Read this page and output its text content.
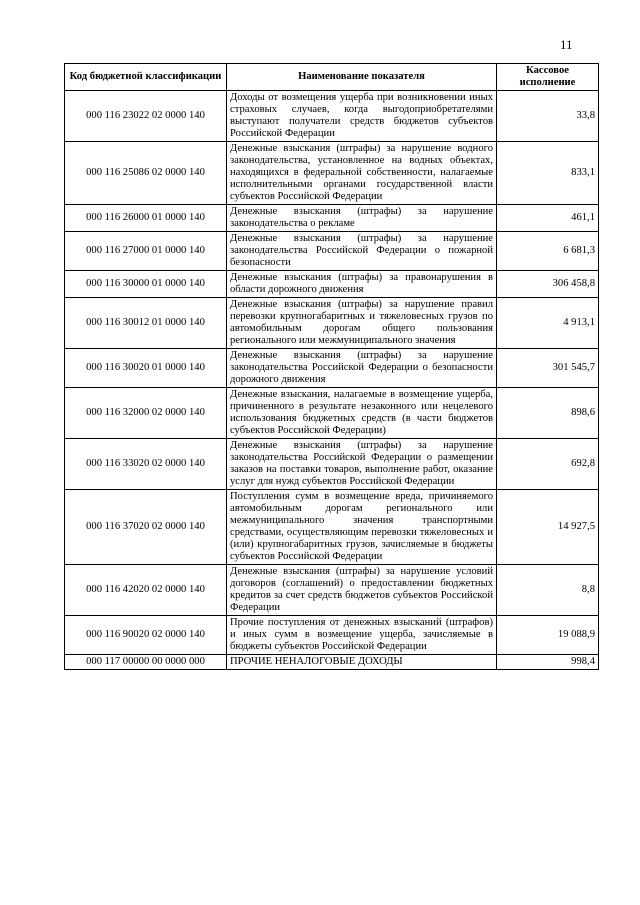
11
Код бюджетной классификации	Наименование показателя	Кассовое исполнение
000 116 23022 02 0000 140	Доходы от возмещения ущерба при возникновении иных страховых случаев, когда выгодоприобретателями выступают получатели средств бюджетов субъектов Российской Федерации	33,8
000 116 25086 02 0000 140	Денежные взыскания (штрафы) за нарушение водного законодательства, установленное на водных объектах, находящихся в федеральной собственности, налагаемые исполнительными органами государственной власти субъектов Российской Федерации	833,1
000 116 26000 01 0000 140	Денежные взыскания (штрафы) за нарушение законодательства о рекламе	461,1
000 116 27000 01 0000 140	Денежные взыскания (штрафы) за нарушение законодательства Российской Федерации о пожарной безопасности	6 681,3
000 116 30000 01 0000 140	Денежные взыскания (штрафы) за правонарушения в области дорожного движения	306 458,8
000 116 30012 01 0000 140	Денежные взыскания (штрафы) за нарушение правил перевозки крупногабаритных и тяжеловесных грузов по автомобильным дорогам общего пользования регионального или межмуниципального значения	4 913,1
000 116 30020 01 0000 140	Денежные взыскания (штрафы) за нарушение законодательства Российской Федерации о безопасности дорожного движения	301 545,7
000 116 32000 02 0000 140	Денежные взыскания, налагаемые в возмещение ущерба, причиненного в результате незаконного или нецелевого использования бюджетных средств (в части бюджетов субъектов Российской Федерации)	898,6
000 116 33020 02 0000 140	Денежные взыскания (штрафы) за нарушение законодательства Российской Федерации о размещении заказов на поставки товаров, выполнение работ, оказание услуг для нужд субъектов Российской Федерации	692,8
000 116 37020 02 0000 140	Поступления сумм в возмещение вреда, причиняемого автомобильным дорогам регионального или межмуниципального значения транспортными средствами, осуществляющим перевозки тяжеловесных и (или) крупногабаритных грузов, зачисляемые в бюджеты субъектов Российской Федерации	14 927,5
000 116 42020 02 0000 140	Денежные взыскания (штрафы) за нарушение условий договоров (соглашений) о предоставлении бюджетных кредитов за счет средств бюджетов субъектов Российской Федерации	8,8
000 116 90020 02 0000 140	Прочие поступления от денежных взысканий (штрафов) и иных сумм в возмещение ущерба, зачисляемые в бюджеты субъектов Российской Федерации	19 088,9
000 117 00000 00 0000 000	ПРОЧИЕ НЕНАЛОГОВЫЕ ДОХОДЫ	998,4
